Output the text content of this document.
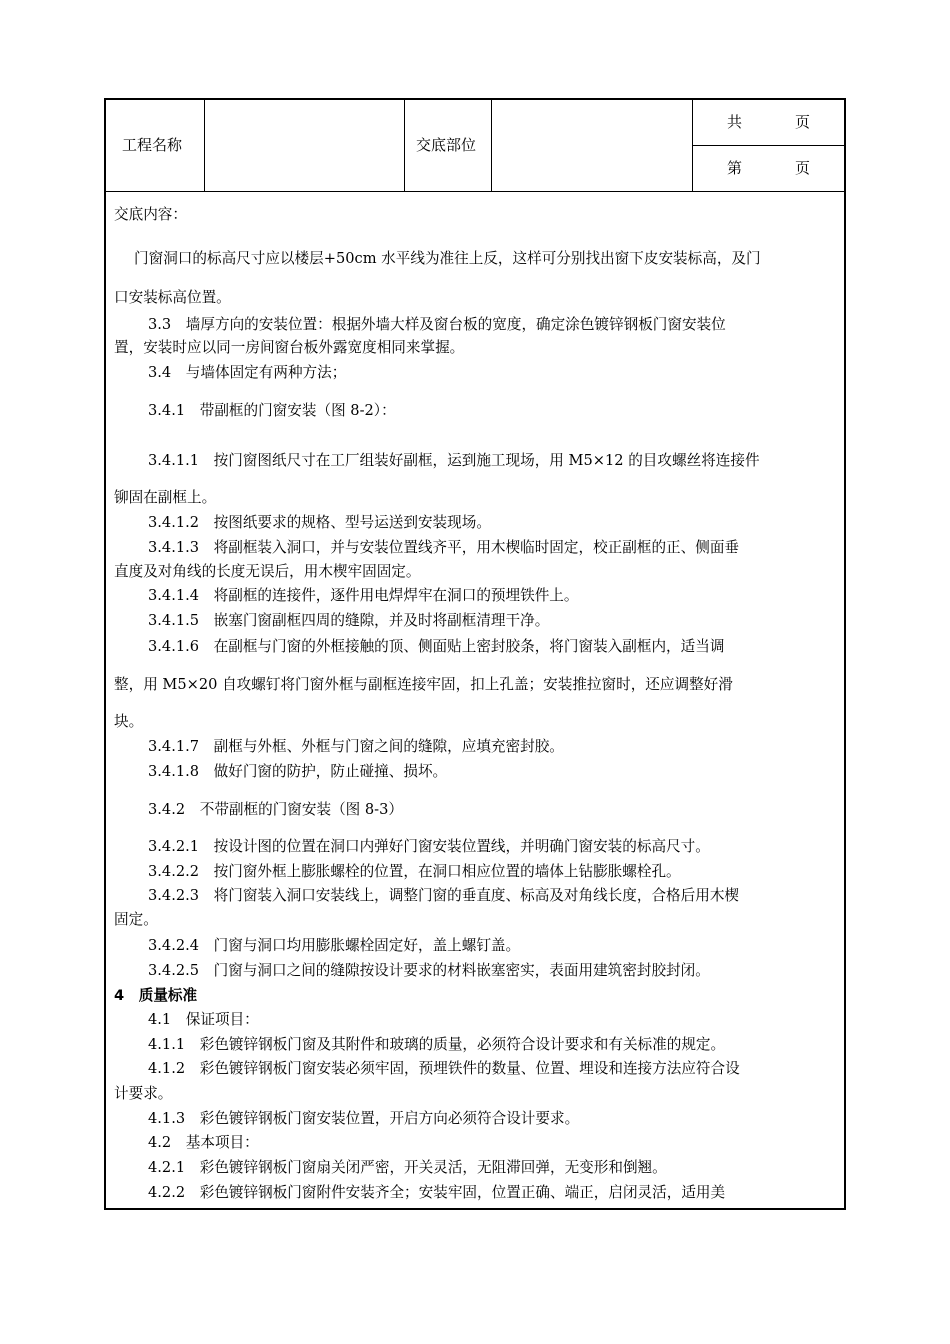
工程名称	交底部位
共	页
第	页
交底内容：
门窗洞口的标高尺寸应以楼层+50cm 水平线为准往上反，这样可分别找出窗下皮安装标高，及门
口安装标高位置。
3.3　墙厚方向的安装位置：根据外墙大样及窗台板的宽度，确定涂色镀锌钢板门窗安装位
置，安装时应以同一房间窗台板外露宽度相同来掌握。
3.4　与墙体固定有两种方法；
3.4.1　带副框的门窗安装（图 8-2）：
3.4.1.1　按门窗图纸尺寸在工厂组装好副框，运到施工现场，用 M5×12 的目攻螺丝将连接件
铆固在副框上。
3.4.1.2　按图纸要求的规格、型号运送到安装现场。
3.4.1.3　将副框装入洞口，并与安装位置线齐平，用木楔临时固定，校正副框的正、侧面垂
直度及对角线的长度无误后，用木楔牢固固定。
3.4.1.4　将副框的连接件，逐件用电焊焊牢在洞口的预埋铁件上。
3.4.1.5　嵌塞门窗副框四周的缝隙，并及时将副框清理干净。
3.4.1.6　在副框与门窗的外框接触的顶、侧面贴上密封胶条，将门窗装入副框内，适当调
整，用 M5×20 自攻螺钉将门窗外框与副框连接牢固，扣上孔盖；安装推拉窗时，还应调整好滑
块。
3.4.1.7　副框与外框、外框与门窗之间的缝隙，应填充密封胶。
3.4.1.8　做好门窗的防护，防止碰撞、损坏。
3.4.2　不带副框的门窗安装（图 8-3）
3.4.2.1　按设计图的位置在洞口内弹好门窗安装位置线，并明确门窗安装的标高尺寸。
3.4.2.2　按门窗外框上膨胀螺栓的位置，在洞口相应位置的墙体上钻膨胀螺栓孔。
3.4.2.3　将门窗装入洞口安装线上，调整门窗的垂直度、标高及对角线长度，合格后用木楔
固定。
3.4.2.4　门窗与洞口均用膨胀螺栓固定好，盖上螺钉盖。
3.4.2.5　门窗与洞口之间的缝隙按设计要求的材料嵌塞密实，表面用建筑密封胶封闭。
4　质量标准
4.1　保证项目：
4.1.1　彩色镀锌钢板门窗及其附件和玻璃的质量，必须符合设计要求和有关标准的规定。
4.1.2　彩色镀锌钢板门窗安装必须牢固，预埋铁件的数量、位置、埋设和连接方法应符合设
计要求。
4.1.3　彩色镀锌钢板门窗安装位置，开启方向必须符合设计要求。
4.2　基本项目：
4.2.1　彩色镀锌钢板门窗扇关闭严密，开关灵活，无阻滞回弹，无变形和倒翘。
4.2.2　彩色镀锌钢板门窗附件安装齐全；安装牢固，位置正确、端正，启闭灵活，适用美
